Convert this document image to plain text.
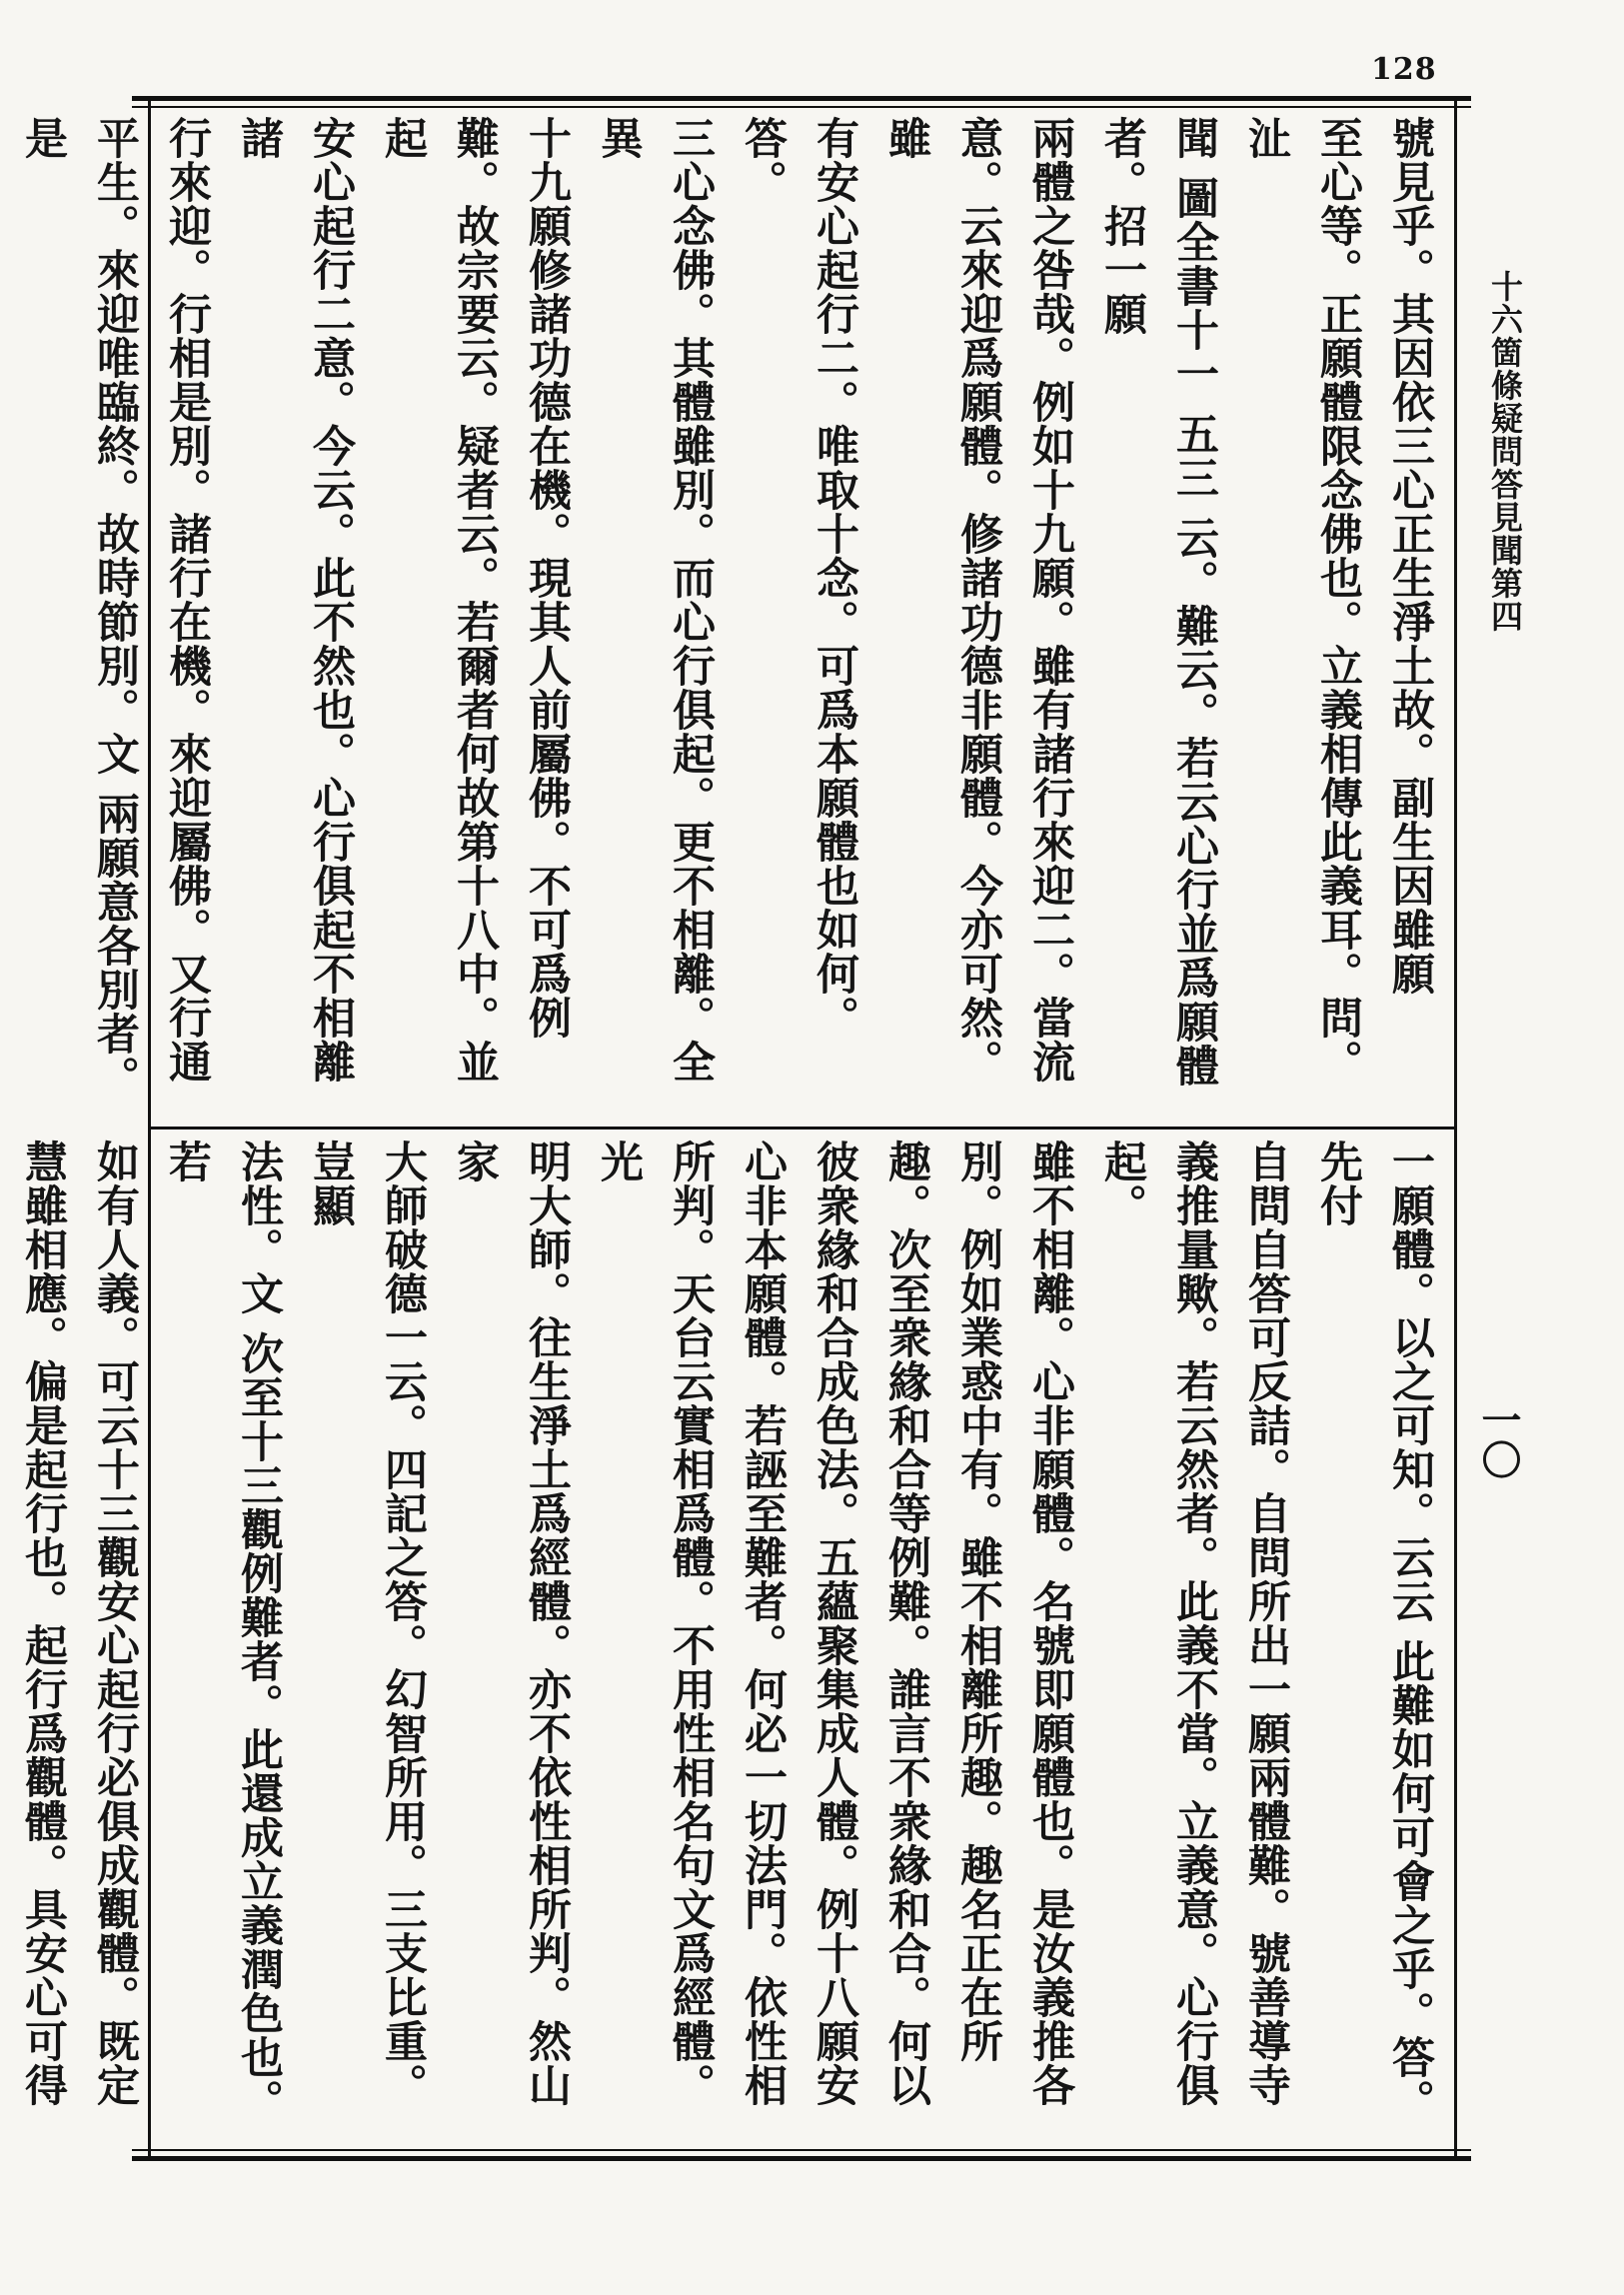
128
十六箇條疑問答見聞第四
一〇

號見乎。其因依三心正生淨土故。副生因雖願

至心等。正願體限念佛也。立義相傳此義耳。問。沚

聞 圖全書十一 五三 云。難云。若云心行並爲願體者。招一願

兩體之咎哉。例如十九願。雖有諸行來迎二。當流

意。云來迎爲願體。修諸功德非願體。今亦可然。雖

有安心起行二。唯取十念。可爲本願體也如何。答。

三心念佛。其體雖別。而心行俱起。更不相離。全異

十九願修諸功德在機。現其人前屬佛。不可爲例

難。故宗要云。疑者云。若爾者何故第十八中。並起

安心起行二意。今云。此不然也。心行俱起不相離諸

行來迎。行相是別。諸行在機。來迎屬佛。又行通

平生。來迎唯臨終。故時節別。文 兩願意各別者。是

一願體。以之可知。云云 此難如何可會之乎。答。先付

自問自答可反詰。自問所出一願兩體難。號善導寺

義推量歟。若云然者。此義不當。立義意。心行俱起。

雖不相離。心非願體。名號即願體也。是汝義推各

別。例如業惑中有。雖不相離所趣。趣名正在所

趣。次至衆緣和合等例難。誰言不衆緣和合。何以

彼衆緣和合成色法。五蘊聚集成人體。例十八願安

心非本願體。若誣至難者。何必一切法門。依性相

所判。天台云實相爲體。不用性相名句文爲經體。光

明大師。往生淨土爲經體。亦不依性相所判。然山家

大師破德一云。四記之答。幻智所用。三支比重。豈顯

法性。文 次至十三觀例難者。此還成立義潤色也。若

如有人義。可云十三觀安心起行必俱成觀體。既定

慧雖相應。偏是起行也。起行爲觀體。具安心可得
